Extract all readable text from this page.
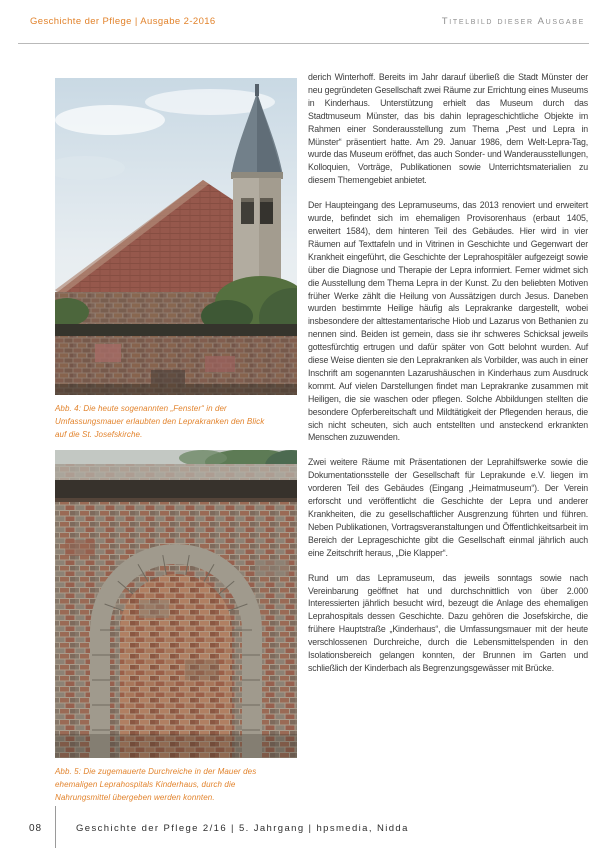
Geschichte der Pflege | Ausgabe 2-2016	Titelbild dieser Ausgabe
Abb. 4: Die heute sogenannten „Fenster“ in der Umfassungsmauer erlaubten den Leprakranken den Blick auf die St. Josefskirche.
Abb. 5: Die zugemauerte Durchreiche in der Mauer des ehemaligen Leprahospitals Kinderhaus, durch die Nahrungsmittel übergeben werden konnten.

derich Winterhoff. Bereits im Jahr darauf überließ die Stadt Münster der neu gegründeten Gesellschaft zwei Räume zur Errichtung eines Museums in Kinderhaus. Unterstützung erhielt das Museum durch das Stadtmuseum Münster, das bis dahin leprageschichtliche Objekte im Rahmen einer Sonderausstellung zum Thema „Pest und Lepra in Münster“ präsentiert hatte. Am 29. Januar 1986, dem Welt-Lepra-Tag, wurde das Museum eröffnet, das auch Sonder- und Wanderausstellungen, Kolloquien, Vorträge, Publikationen sowie Unterrichtsmaterialien zu diesem Themengebiet anbietet.

Der Haupteingang des Lepramuseums, das 2013 renoviert und erweitert wurde, befindet sich im ehemaligen Provisorenhaus (erbaut 1405, erweitert 1584), dem hinteren Teil des Gebäudes. Hier wird in vier Räumen auf Texttafeln und in Vitrinen in Geschichte und Gegenwart der Krankheit eingeführt, die Geschichte der Leprahospitäler aufgezeigt sowie über die Diagnose und Therapie der Lepra informiert. Ferner widmet sich die Ausstellung dem Thema Lepra in der Kunst. Zu den beliebten Motiven früher Werke zählt die Heilung von Aussätzigen durch Jesus. Daneben wurden bestimmte Heilige häufig als Leprakranke dargestellt, wobei insbesondere der alttestamentarische Hiob und Lazarus von Bethanien zu nennen sind. Beiden ist gemein, dass sie ihr schweres Schicksal jeweils gottesfürchtig ertrugen und dafür später von Gott belohnt wurden. Auf diese Weise dienten sie den Leprakranken als Vorbilder, was auch in einer Inschrift am sogenannten Lazarushäuschen in Kinderhaus zum Ausdruck kommt. Auf vielen Darstellungen findet man Leprakranke zusammen mit Heiligen, die sie waschen oder pflegen. Solche Abbildungen stellten die besondere Opferbereitschaft und Mildtätigkeit der Pflegenden heraus, die sich nicht scheuten, sich auch entstellten und ansteckend erkrankten Menschen zuzuwenden.

Zwei weitere Räume mit Präsentationen der Leprahilfswerke sowie die Dokumentationsstelle der Gesellschaft für Leprakunde e.V. liegen im vorderen Teil des Gebäudes (Eingang „Heimatmuseum“). Der Verein erforscht und veröffentlicht die Geschichte der Lepra und anderer Krankheiten, die zu gesellschaftlicher Ausgrenzung führten und führen. Neben Publikationen, Vortragsveranstaltungen und Öffentlichkeitsarbeit im Bereich der Leprageschichte gibt die Gesellschaft einmal jährlich auch eine Zeitschrift heraus, „Die Klapper“.

Rund um das Lepramuseum, das jeweils sonntags sowie nach Vereinbarung geöffnet hat und durchschnittlich von über 2.000 Interessierten jährlich besucht wird, bezeugt die Anlage des ehemaligen Leprahospitals dessen Geschichte. Dazu gehören die Josefskirche, die frühere Hauptstraße „Kinderhaus“, die Umfassungsmauer mit der heute verschlossenen Durchreiche, durch die Lebensmittelspenden in den Isolationsbereich gelangen konnten, der Brunnen im Garten und schließlich der Kinderbach als Begrenzungsgewässer mit Brücke.

08	Geschichte der Pflege 2/16 | 5. Jahrgang | hpsmedia, Nidda
